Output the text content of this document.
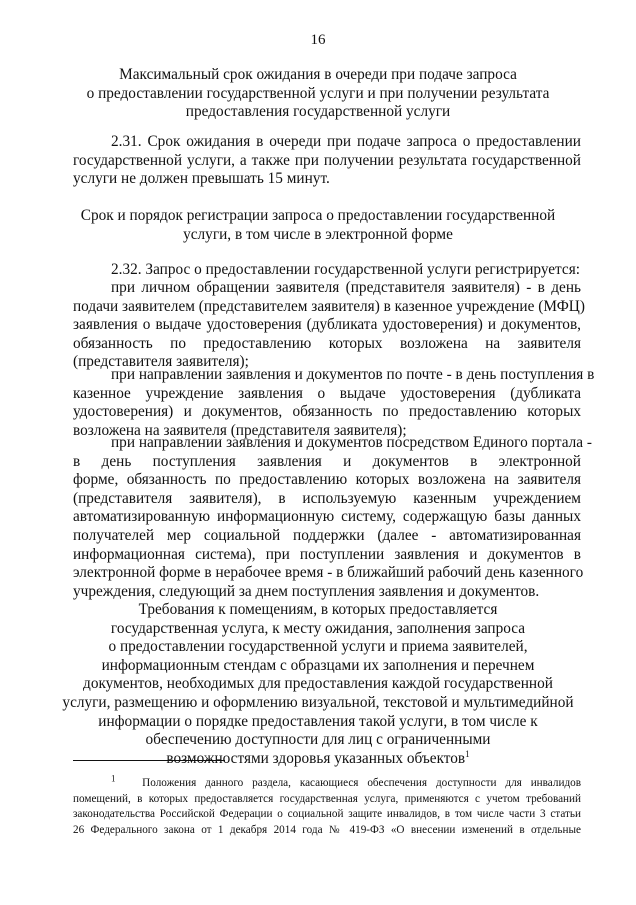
16
Максимальный срок ожидания в очереди при подаче запроса
о предоставлении государственной услуги и при получении результата
предоставления государственной услуги
2.31. Срок ожидания в очереди при подаче запроса о предоставлении
государственной услуги, а также при получении результата государственной
услуги не должен превышать 15 минут.
Срок и порядок регистрации запроса о предоставлении государственной
услуги, в том числе в электронной форме
2.32. Запрос о предоставлении государственной услуги регистрируется:
при личном обращении заявителя (представителя заявителя) - в день
подачи заявителем (представителем заявителя) в казенное учреждение (МФЦ)
заявления о выдаче удостоверения (дубликата удостоверения) и документов,
обязанность по предоставлению которых возложена на заявителя
(представителя заявителя);
при направлении заявления и документов по почте - в день поступления в
казенное учреждение заявления о выдаче удостоверения (дубликата
удостоверения) и документов, обязанность по предоставлению которых
возложена на заявителя (представителя заявителя);
при направлении заявления и документов посредством Единого портала -
в день поступления заявления и документов в электронной
форме, обязанность по предоставлению которых возложена на заявителя
(представителя заявителя), в используемую казенным учреждением
автоматизированную информационную систему, содержащую базы данных
получателей мер социальной поддержки (далее - автоматизированная
информационная система), при поступлении заявления и документов в
электронной форме в нерабочее время - в ближайший рабочий день казенного
учреждения, следующий за днем поступления заявления и документов.
Требования к помещениям, в которых предоставляется
государственная услуга, к месту ожидания, заполнения запроса
о предоставлении государственной услуги и приема заявителей,
информационным стендам с образцами их заполнения и перечнем
документов, необходимых для предоставления каждой государственной
услуги, размещению и оформлению визуальной, текстовой и мультимедийной
информации о порядке предоставления такой услуги, в том числе к
обеспечению доступности для лиц с ограниченными
возможностями здоровья указанных объектов$^1$
$^1$ Положения данного раздела, касающиеся обеспечения доступности для инвалидов
помещений, в которых предоставляется государственная услуга, применяются с учетом требований
законодательства Российской Федерации о социальной защите инвалидов, в том числе части 3 статьи
26 Федерального закона от 1 декабря 2014 года № 419-ФЗ «О внесении изменений в отдельные
